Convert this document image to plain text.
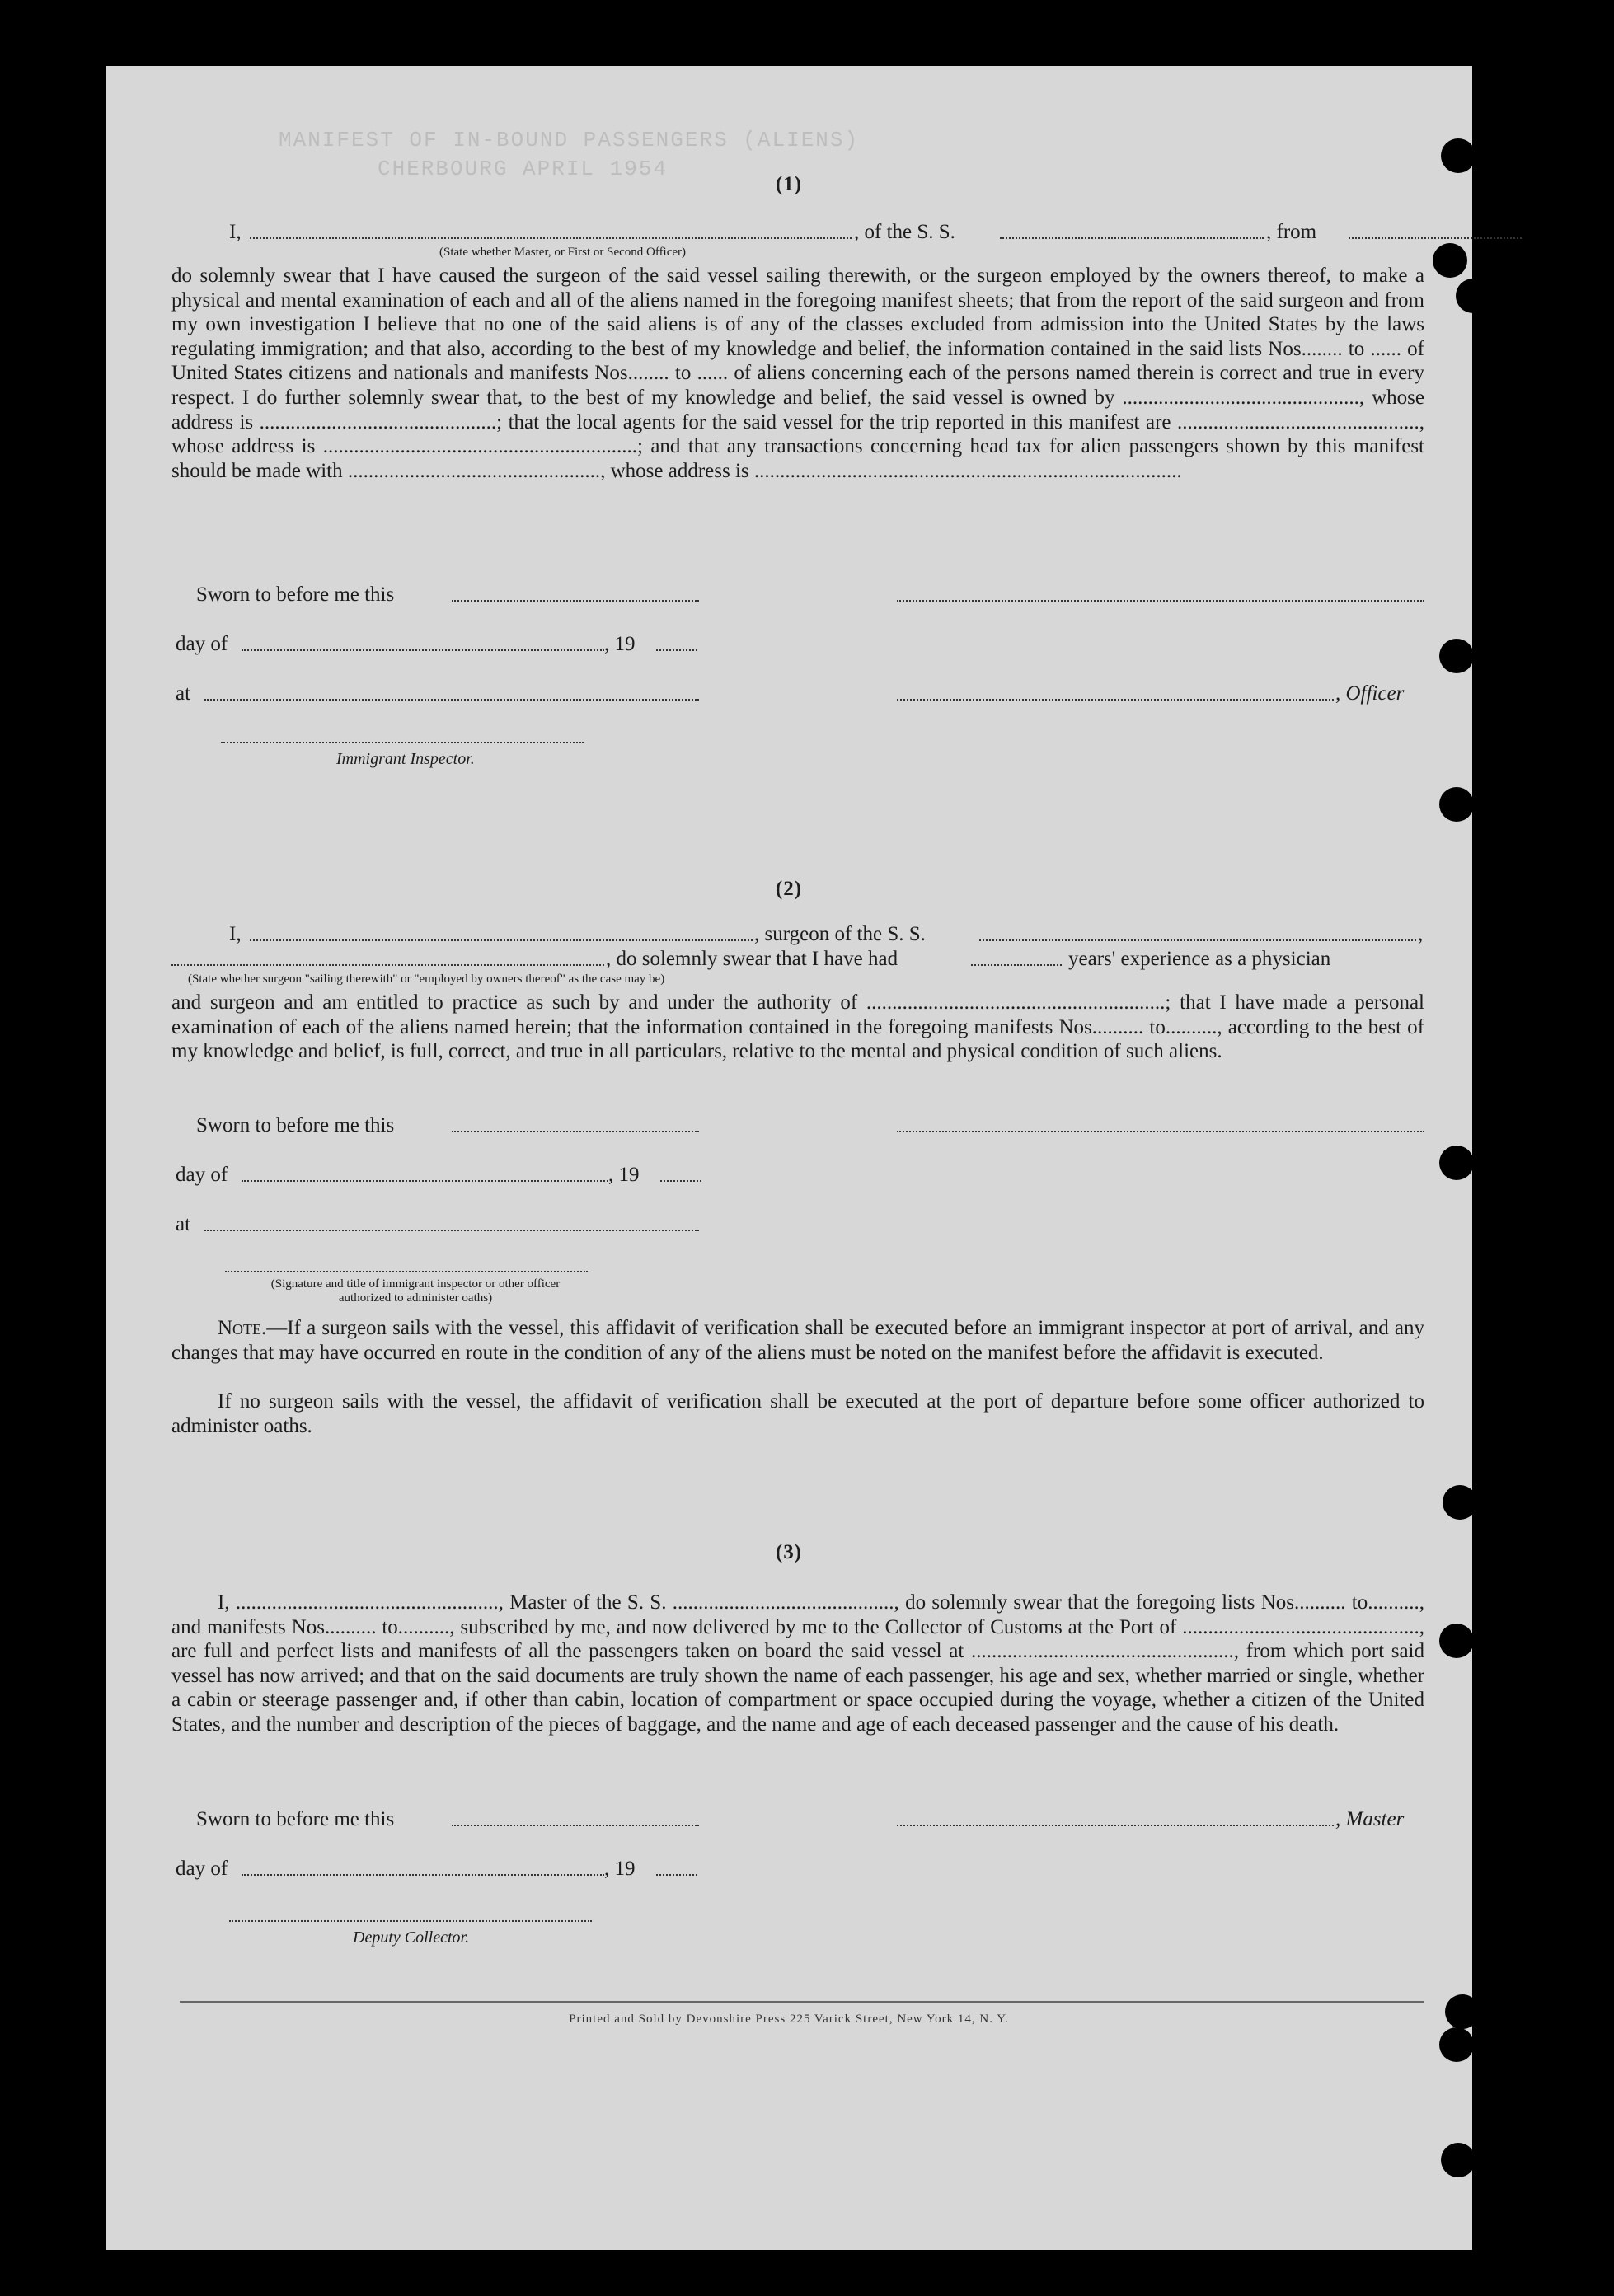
MANIFEST OF IN-BOUND PASSENGERS (ALIENS)
CHERBOURG APRIL 1954
(1)
I,	, of the S. S.	, from
(State whether Master, or First or Second Officer)

do solemnly swear that I have caused the surgeon of the said vessel sailing therewith, or the surgeon employed by the owners thereof, to make a physical and mental examination of each and all of the aliens named in the foregoing manifest sheets; that from the report of the said surgeon and from my own investigation I believe that no one of the said aliens is of any of the classes excluded from admission into the United States by the laws regulating immigration; and that also, according to the best of my knowledge and belief, the information contained in the said lists Nos........ to ...... of United States citizens and nationals and manifests Nos........ to ...... of aliens concerning each of the persons named therein is correct and true in every respect. I do further solemnly swear that, to the best of my knowledge and belief, the said vessel is owned by .............................................., whose address is ..............................................; that the local agents for the said vessel for the trip reported in this manifest are ..............................................., whose address is .............................................................; and that any transactions concerning head tax for alien passengers shown by this manifest should be made with ................................................., whose address is ...................................................................................

Sworn to before me this
day of	, 19
at	, Officer
Immigrant Inspector.
(2)
I,	, surgeon of the S. S.	,
, do solemnly swear that I have had	years' experience as a physician
(State whether surgeon "sailing therewith" or "employed by owners thereof" as the case may be)

and surgeon and am entitled to practice as such by and under the authority of ..........................................................; that I have made a personal examination of each of the aliens named herein; that the information contained in the foregoing manifests Nos.......... to.........., according to the best of my knowledge and belief, is full, correct, and true in all particulars, relative to the mental and physical condition of such aliens.

Sworn to before me this
day of	, 19
at
(Signature and title of immigrant inspector or other officer authorized to administer oaths)

Note.—If a surgeon sails with the vessel, this affidavit of verification shall be executed before an immigrant inspector at port of arrival, and any changes that may have occurred en route in the condition of any of the aliens must be noted on the manifest before the affidavit is executed.

If no surgeon sails with the vessel, the affidavit of verification shall be executed at the port of departure before some officer authorized to administer oaths.

(3)

I, ..................................................., Master of the S. S. ..........................................., do solemnly swear that the foregoing lists Nos.......... to.........., and manifests Nos.......... to.........., subscribed by me, and now delivered by me to the Collector of Customs at the Port of .............................................., are full and perfect lists and manifests of all the passengers taken on board the said vessel at ..................................................., from which port said vessel has now arrived; and that on the said documents are truly shown the name of each passenger, his age and sex, whether married or single, whether a cabin or steerage passenger and, if other than cabin, location of compartment or space occupied during the voyage, whether a citizen of the United States, and the number and description of the pieces of baggage, and the name and age of each deceased passenger and the cause of his death.

Sworn to before me this	, Master
day of	, 19
Deputy Collector.
Printed and Sold by Devonshire Press 225 Varick Street, New York 14, N. Y.
